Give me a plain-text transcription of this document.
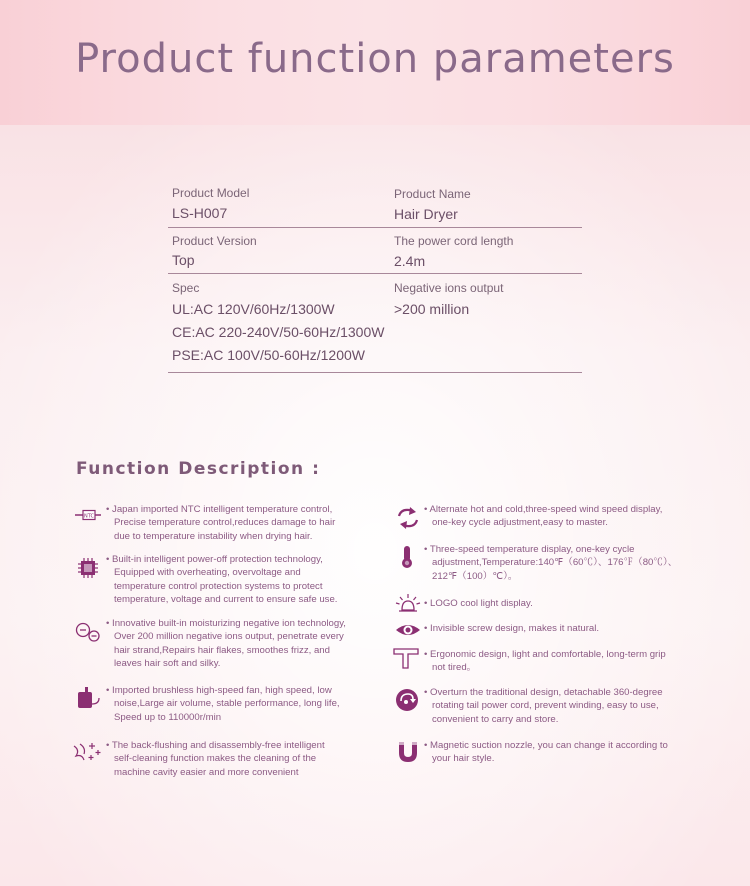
Product function parameters
Product Model
LS-H007
Product Name
Hair Dryer
Product Version
Top
The power cord length
2.4m
Spec
UL:AC 120V/60Hz/1300W
CE:AC 220-240V/50-60Hz/1300W
PSE:AC 100V/50-60Hz/1200W
Negative ions output
>200 million
Function Description :
NTC
• Japan imported NTC intelligent temperature control,
Precise temperature control,reduces damage to hair
due to temperature instability when drying hair.
• Built-in intelligent power-off protection technology,
Equipped with overheating, overvoltage and
temperature control protection systems to protect
temperature, voltage and current to ensure safe use.
• Innovative built-in moisturizing negative ion technology,
Over 200 million negative ions output, penetrate every
hair strand,Repairs hair flakes, smoothes frizz, and
leaves hair soft and silky.
• Imported brushless high-speed fan, high speed, low
noise,Large air volume, stable performance, long life,
Speed up to 110000r/min
• The back-flushing and disassembly-free intelligent
self-cleaning function makes the cleaning of the
machine cavity easier and more convenient
• Alternate hot and cold,three-speed wind speed display,
one-key cycle adjustment,easy to master.
• Three-speed temperature display, one-key cycle
adjustment,Temperature:140℉（60℃）、176℉（80℃）、
212℉（100）℃）。
• LOGO cool light display.
• Invisible screw design, makes it natural.
• Ergonomic design, light and comfortable, long-term grip
not tired。
• Overturn the traditional design, detachable 360-degree
rotating tail power cord, prevent winding, easy to use,
convenient to carry and store.
• Magnetic suction nozzle, you can change it according to
your hair style.
